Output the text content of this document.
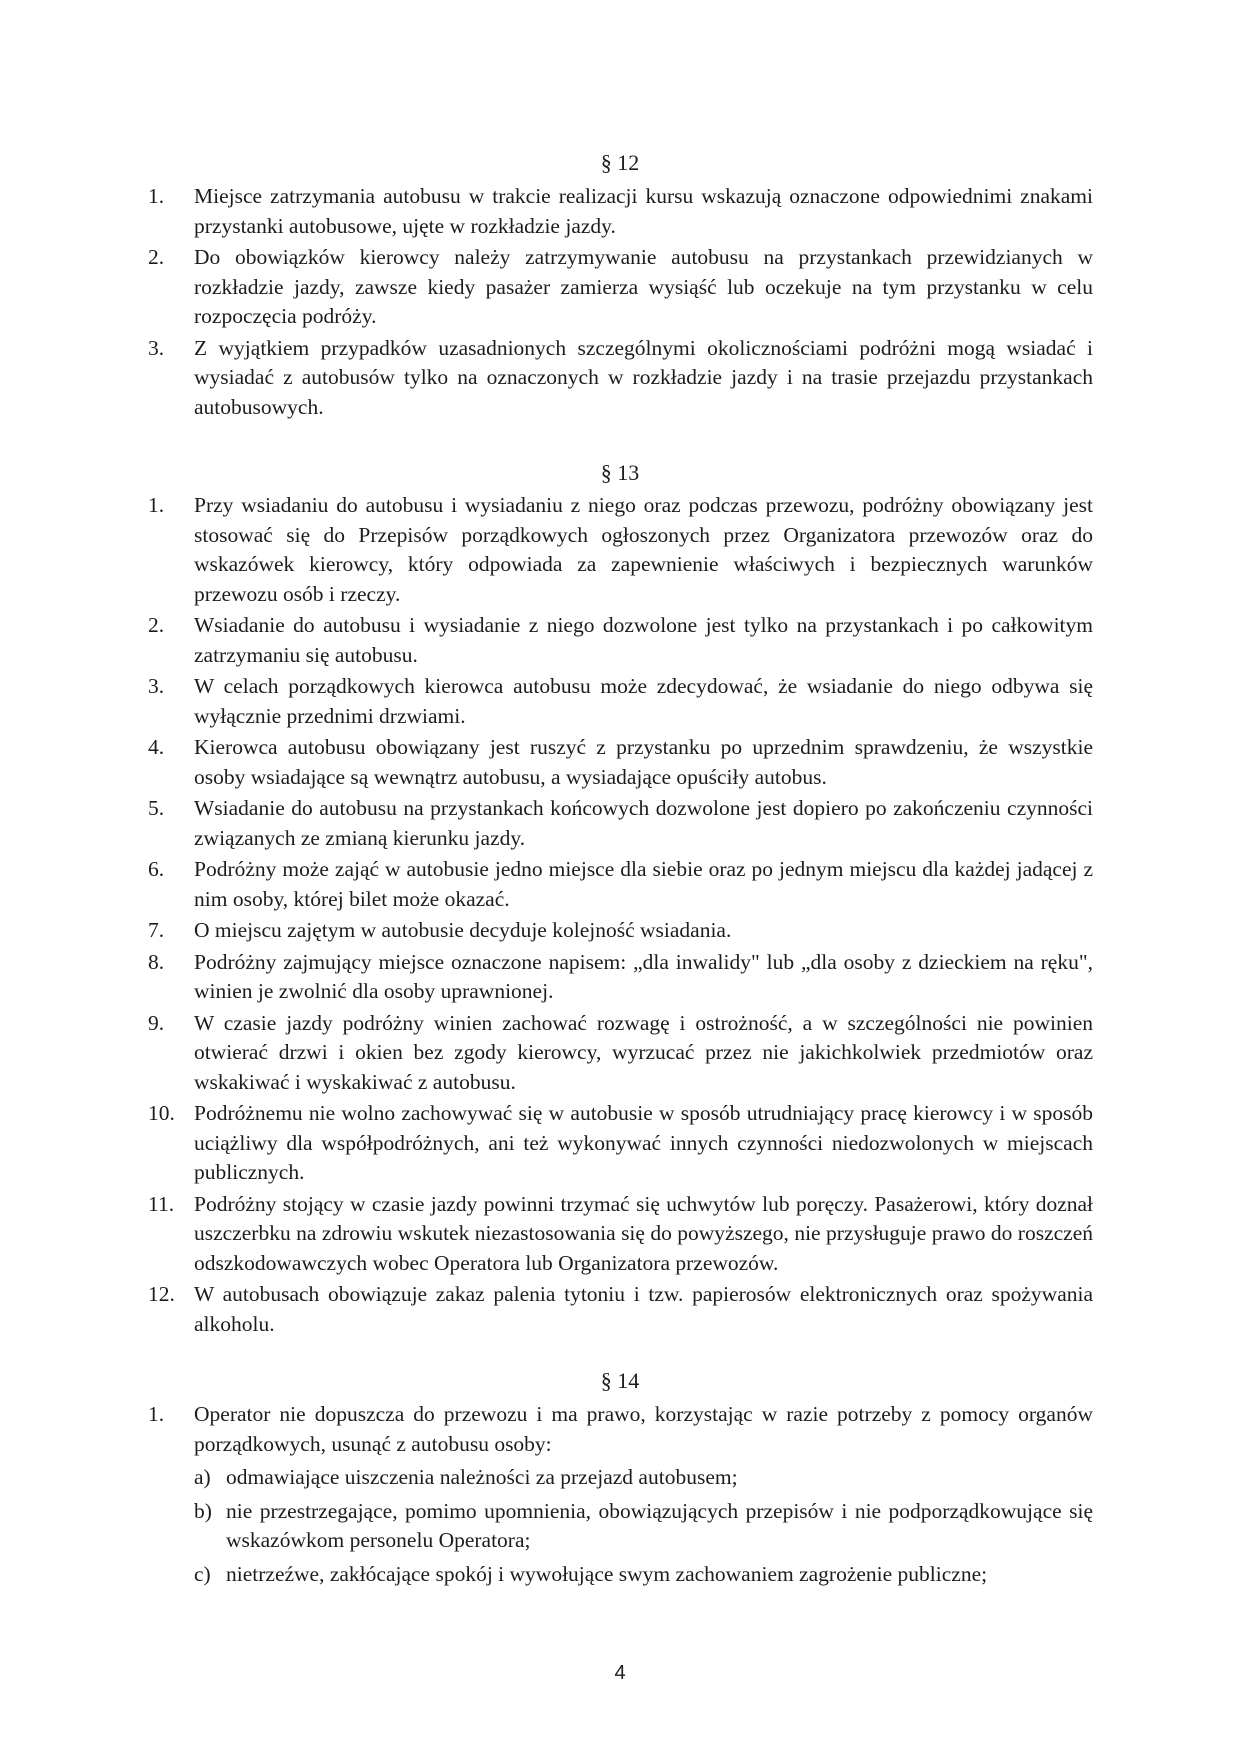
§ 12
1. Miejsce zatrzymania autobusu w trakcie realizacji kursu wskazują oznaczone odpowiednimi znakami przystanki autobusowe, ujęte w rozkładzie jazdy.
2. Do obowiązków kierowcy należy zatrzymywanie autobusu na przystankach przewidzianych w rozkładzie jazdy, zawsze kiedy pasażer zamierza wysiąść lub oczekuje na tym przystanku w celu rozpoczęcia podróży.
3. Z wyjątkiem przypadków uzasadnionych szczególnymi okolicznościami podróżni mogą wsiadać i wysiadać z autobusów tylko na oznaczonych w rozkładzie jazdy i na trasie przejazdu przystankach autobusowych.
§ 13
1. Przy wsiadaniu do autobusu i wysiadaniu z niego oraz podczas przewozu, podróżny obowiązany jest stosować się do Przepisów porządkowych ogłoszonych przez Organizatora przewozów oraz do wskazówek kierowcy, który odpowiada za zapewnienie właściwych i bezpiecznych warunków przewozu osób i rzeczy.
2. Wsiadanie do autobusu i wysiadanie z niego dozwolone jest tylko na przystankach i po całkowitym zatrzymaniu się autobusu.
3. W celach porządkowych kierowca autobusu może zdecydować, że wsiadanie do niego odbywa się wyłącznie przednimi drzwiami.
4. Kierowca autobusu obowiązany jest ruszyć z przystanku po uprzednim sprawdzeniu, że wszystkie osoby wsiadające są wewnątrz autobusu, a wysiadające opuściły autobus.
5. Wsiadanie do autobusu na przystankach końcowych dozwolone jest dopiero po zakończeniu czynności związanych ze zmianą kierunku jazdy.
6. Podróżny może zająć w autobusie jedno miejsce dla siebie oraz po jednym miejscu dla każdej jadącej z nim osoby, której bilet może okazać.
7. O miejscu zajętym w autobusie decyduje kolejność wsiadania.
8. Podróżny zajmujący miejsce oznaczone napisem: „dla inwalidy" lub „dla osoby z dzieckiem na ręku", winien je zwolnić dla osoby uprawnionej.
9. W czasie jazdy podróżny winien zachować rozwagę i ostrożność, a w szczególności nie powinien otwierać drzwi i okien bez zgody kierowcy, wyrzucać przez nie jakichkolwiek przedmiotów oraz wskakiwać i wyskakiwać z autobusu.
10. Podróżnemu nie wolno zachowywać się w autobusie w sposób utrudniający pracę kierowcy i w sposób uciążliwy dla współpodróżnych, ani też wykonywać innych czynności niedozwolonych w miejscach publicznych.
11. Podróżny stojący w czasie jazdy powinni trzymać się uchwytów lub poręczy. Pasażerowi, który doznał uszczerbku na zdrowiu wskutek niezastosowania się do powyższego, nie przysługuje prawo do roszczeń odszkodowawczych wobec Operatora lub Organizatora przewozów.
12. W autobusach obowiązuje zakaz palenia tytoniu i tzw. papierosów elektronicznych oraz spożywania alkoholu.
§ 14
1. Operator nie dopuszcza do przewozu i ma prawo, korzystając w razie potrzeby z pomocy organów porządkowych, usunąć z autobusu osoby:
a) odmawiające uiszczenia należności za przejazd autobusem;
b) nie przestrzegające, pomimo upomnienia, obowiązujących przepisów i nie podporządkowujące się wskazówkom personelu Operatora;
c) nietrzeźwe, zakłócające spokój i wywołujące swym zachowaniem zagrożenie publiczne;
4
